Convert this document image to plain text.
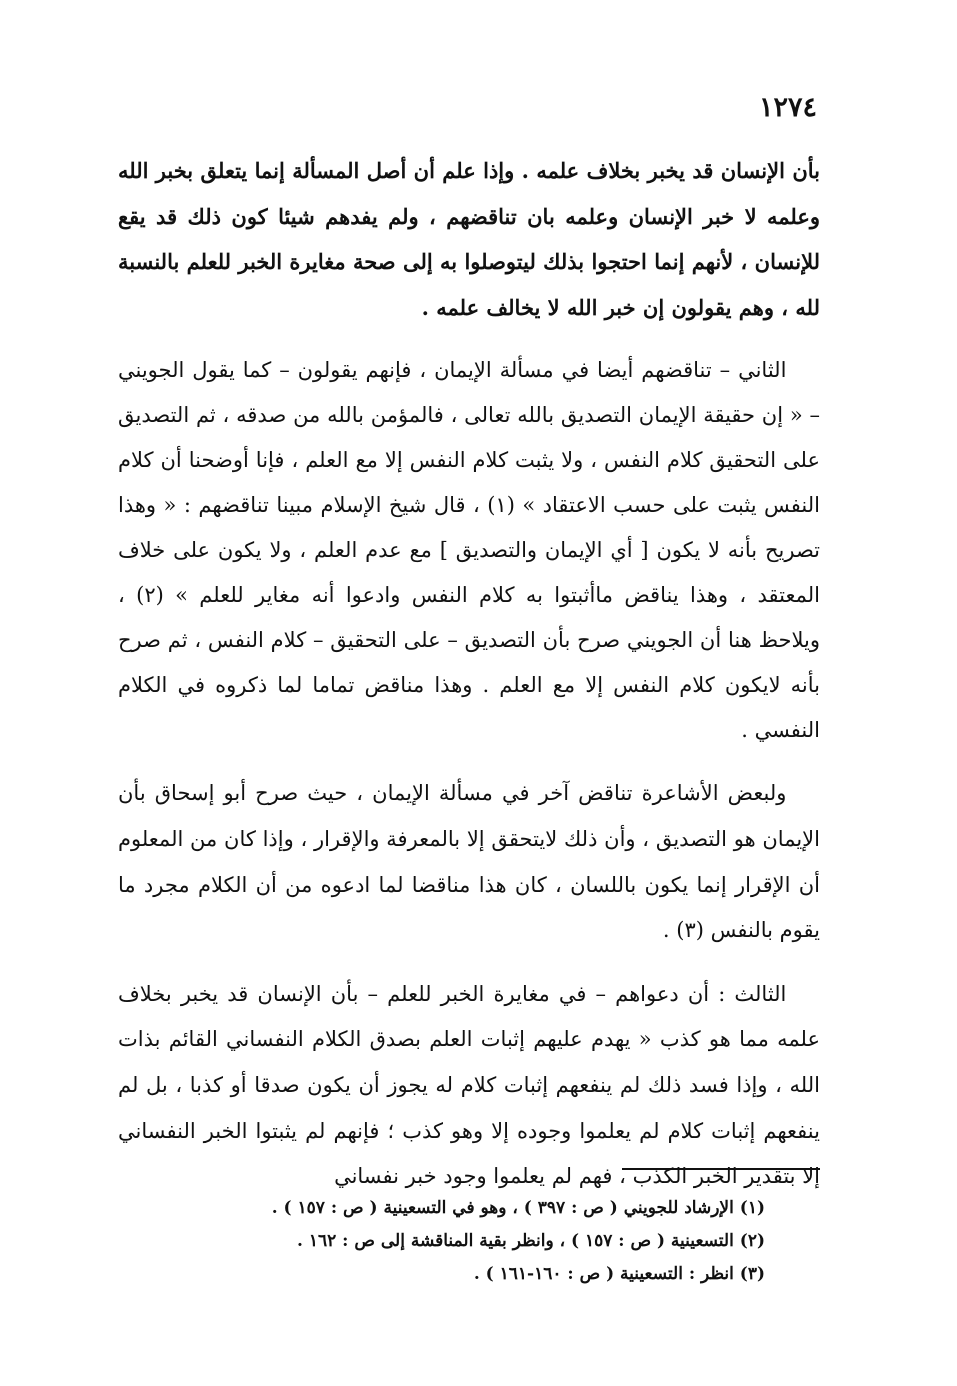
١٢٧٤

بأن الإنسان قد يخبر بخلاف علمه . وإذا علم أن أصل المسألة إنما يتعلق بخبر الله وعلمه لا خبر الإنسان وعلمه بان تناقضهم ، ولم يفدهم شيئا كون ذلك قد يقع للإنسان ، لأنهم إنما احتجوا بذلك ليتوصلوا به إلى صحة مغايرة الخبر للعلم بالنسبة لله ، وهم يقولون إن خبر الله لا يخالف علمه .

الثاني – تناقضهم أيضا في مسألة الإيمان ، فإنهم يقولون – كما يقول الجويني – « إن حقيقة الإيمان التصديق بالله تعالى ، فالمؤمن بالله من صدقه ، ثم التصديق على التحقيق كلام النفس ، ولا يثبت كلام النفس إلا مع العلم ، فإنا أوضحنا أن كلام النفس يثبت على حسب الاعتقاد » (١) ، قال شيخ الإسلام مبينا تناقضهم : « وهذا تصريح بأنه لا يكون [ أي الإيمان والتصديق ] مع عدم العلم ، ولا يكون على خلاف المعتقد ، وهذا يناقض ماأثبتوا به كلام النفس وادعوا أنه مغاير للعلم » (٢) ، ويلاحظ هنا أن الجويني صرح بأن التصديق – على التحقيق – كلام النفس ، ثم صرح بأنه لايكون كلام النفس إلا مع العلم . وهذا مناقض تماما لما ذكروه في الكلام النفسي .

ولبعض الأشاعرة تناقض آخر في مسألة الإيمان ، حيث صرح أبو إسحاق بأن الإيمان هو التصديق ، وأن ذلك لايتحقق إلا بالمعرفة والإقرار ، وإذا كان من المعلوم أن الإقرار إنما يكون باللسان ، كان هذا مناقضا لما ادعوه من أن الكلام مجرد ما يقوم بالنفس (٣) .

الثالث : أن دعواهم – في مغايرة الخبر للعلم – بأن الإنسان قد يخبر بخلاف علمه مما هو كذب « يهدم عليهم إثبات العلم بصدق الكلام النفساني القائم بذات الله ، وإذا فسد ذلك لم ينفعهم إثبات كلام له يجوز أن يكون صدقا أو كذبا ، بل لم ينفعهم إثبات كلام لم يعلموا وجوده إلا وهو كذب ؛ فإنهم لم يثبتوا الخبر النفساني إلا بتقدير الخبر الكذب ، فهم لم يعلموا وجود خبر نفساني

(١) الإرشاد للجويني ( ص : ٣٩٧ ) ، وهو في التسعينية ( ص : ١٥٧ ) .
(٢) التسعينية ( ص : ١٥٧ ) ، وانظر بقية المناقشة إلى ص : ١٦٢ .
(٣) انظر : التسعينية ( ص : ١٦٠-١٦١ ) .
